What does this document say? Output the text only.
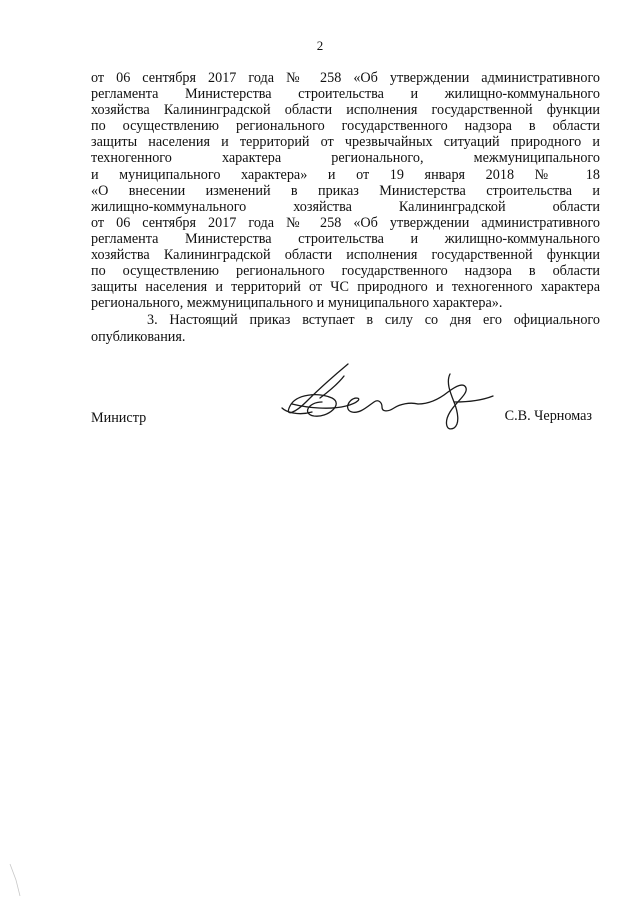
2

от 06 сентября 2017 года № 258 «Об утверждении административного
регламента Министерства строительства и жилищно-коммунального
хозяйства Калининградской области исполнения государственной функции
по осуществлению регионального государственного надзора в области
защиты населения и территорий от чрезвычайных ситуаций природного и
техногенного характера регионального, межмуниципального
и муниципального характера» и от 19 января 2018 № 18
«О внесении изменений в приказ Министерства строительства и
жилищно-коммунального хозяйства Калининградской области
от 06 сентября 2017 года № 258 «Об утверждении административного
регламента Министерства строительства и жилищно-коммунального
хозяйства Калининградской области исполнения государственной функции
по осуществлению регионального государственного надзора в области
защиты населения и территорий от ЧС природного и техногенного характера
регионального, межмуниципального и муниципального характера».

3. Настоящий приказ вступает в силу со дня его официального
опубликования.

Министр	С.В. Черномаз
